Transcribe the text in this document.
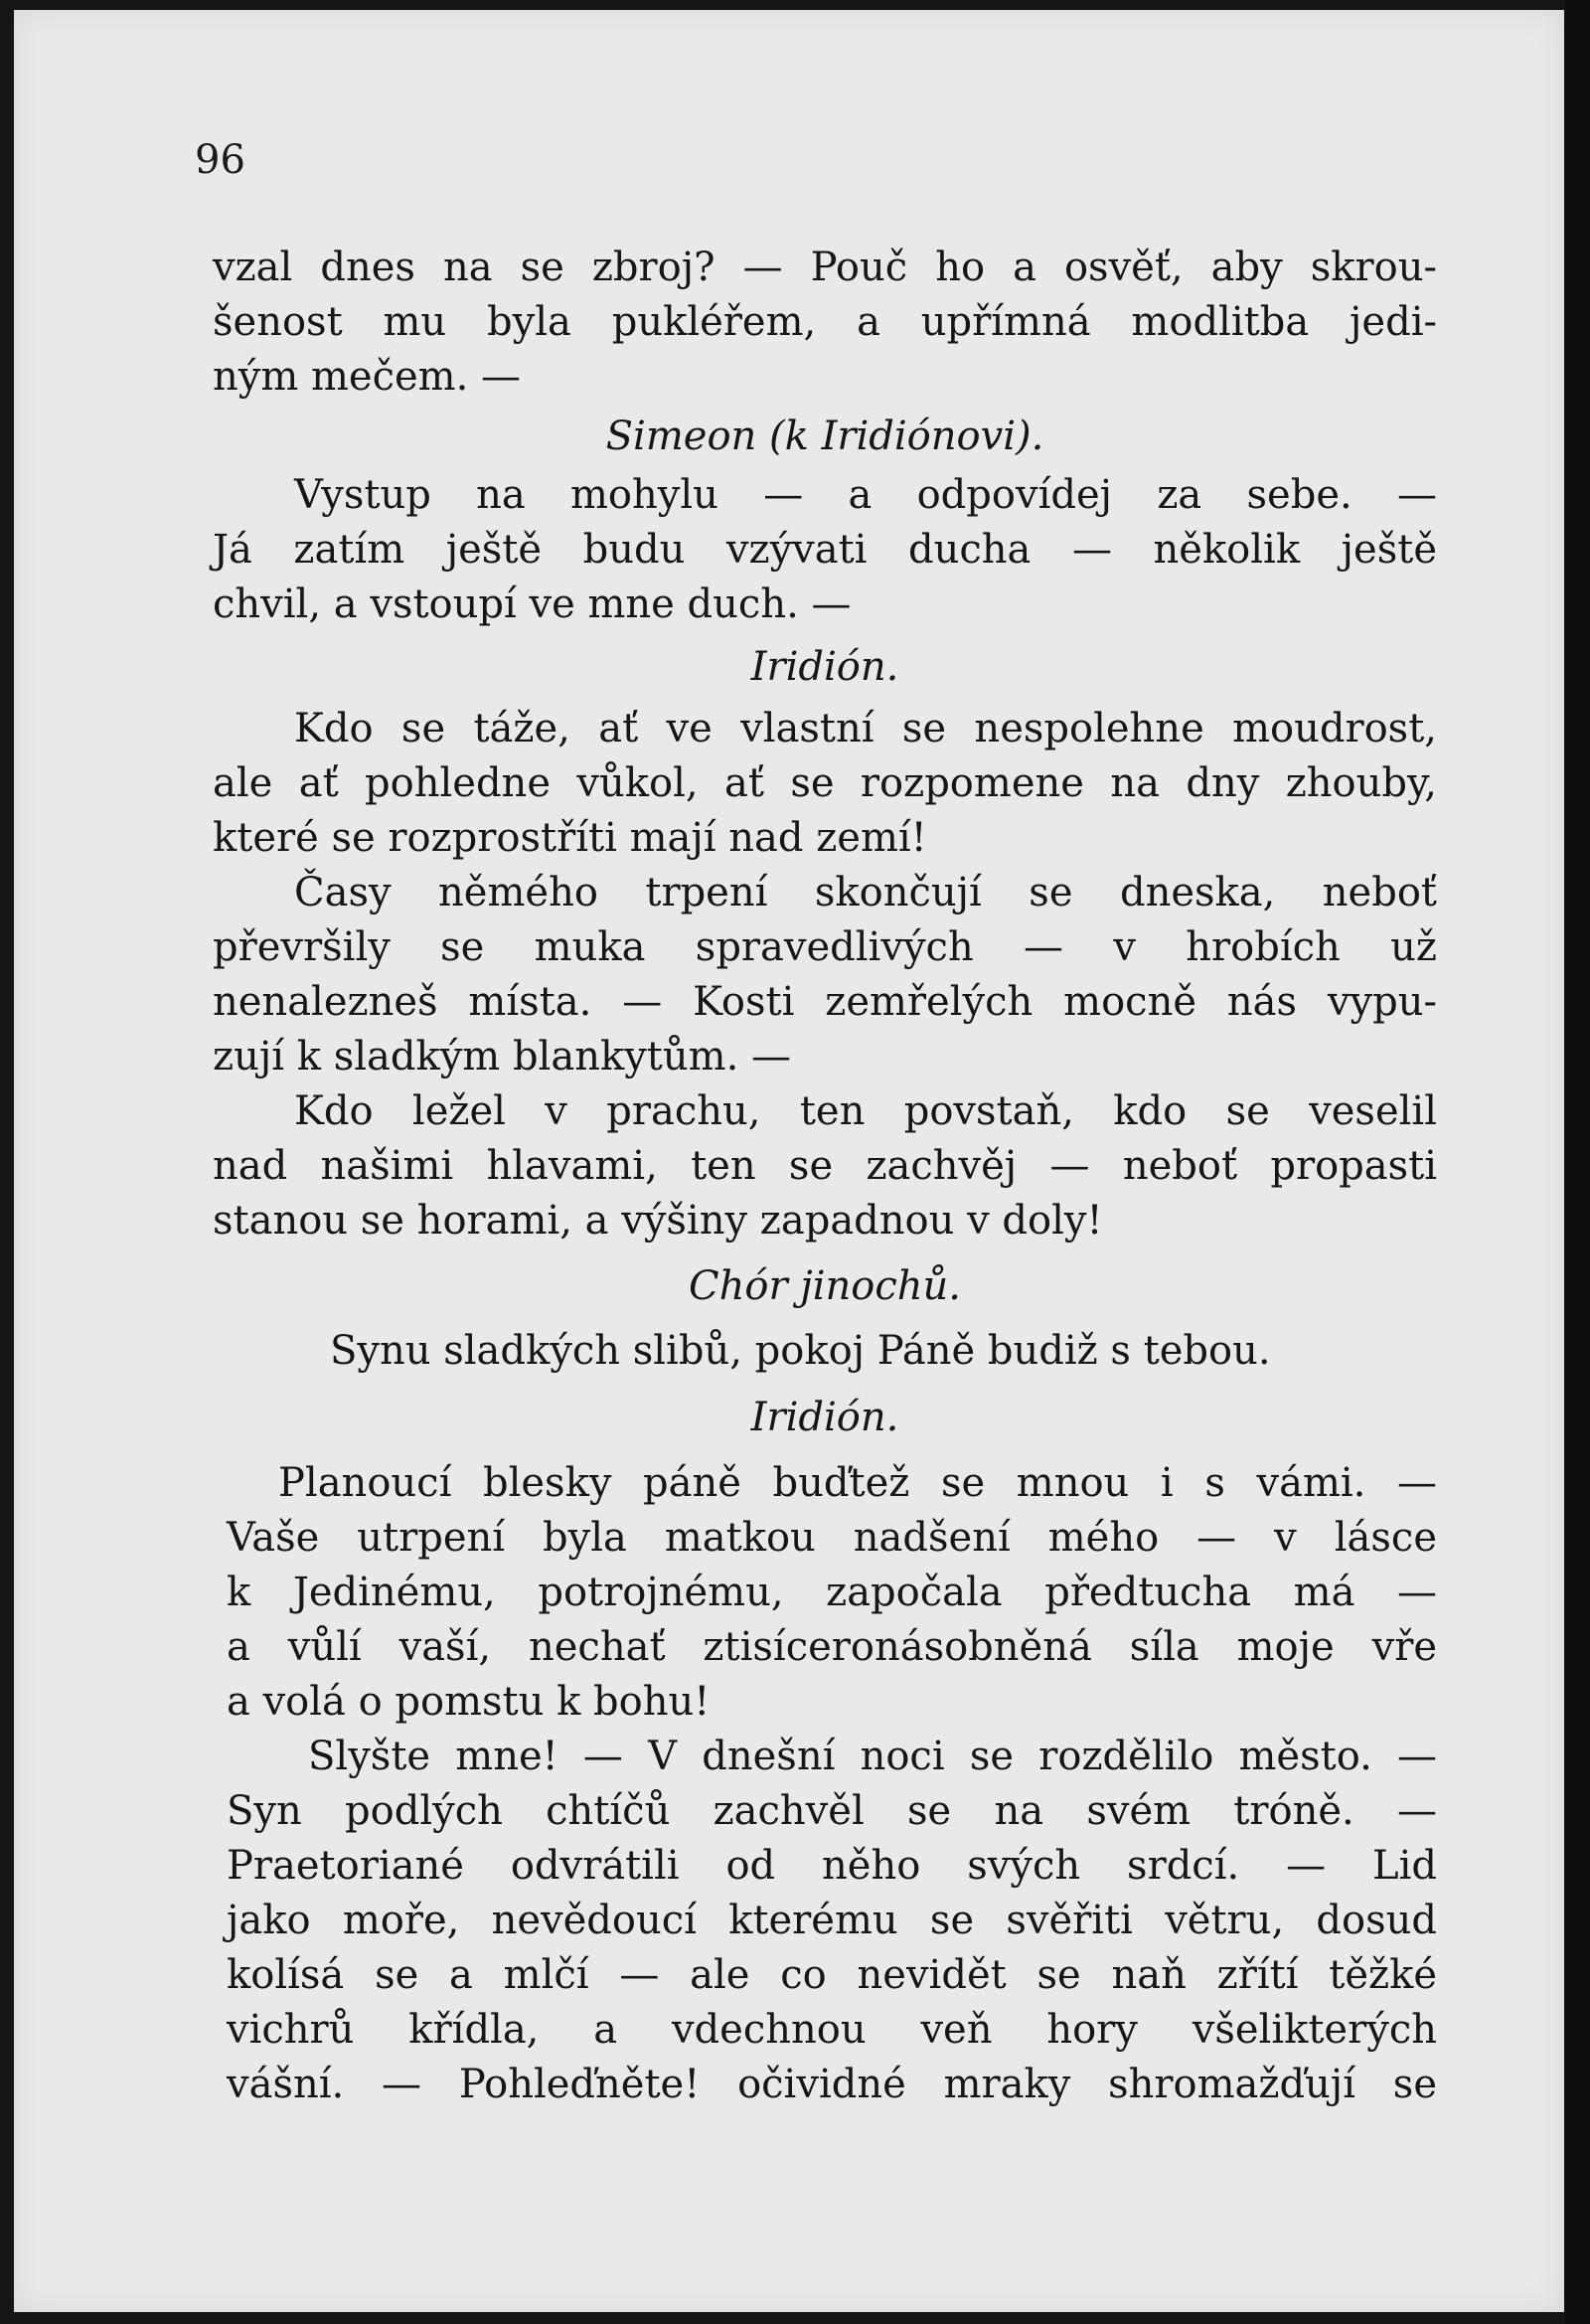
96
vzal dnes na se zbroj? — Pouč ho a osvěť, aby skrou-
šenost mu byla pukléřem, a upřímná modlitba jedi-
ným mečem. —
Simeon (k Iridiónovi).
Vystup na mohylu — a odpovídej za sebe. —
Já zatím ještě budu vzývati ducha — několik ještě
chvil, a vstoupí ve mne duch. —
Iridión.
Kdo se táže, ať ve vlastní se nespolehne moudrost,
ale ať pohledne vůkol, ať se rozpomene na dny zhouby,
které se rozprostříti mají nad zemí!
Časy němého trpení skončují se dneska, neboť
převršily se muka spravedlivých — v hrobích už
nenalezneš místa. — Kosti zemřelých mocně nás vypu-
zují k sladkým blankytům. —
Kdo ležel v prachu, ten povstaň, kdo se veselil
nad našimi hlavami, ten se zachvěj — neboť propasti
stanou se horami, a výšiny zapadnou v doly!
Chór jinochů.
Synu sladkých slibů, pokoj Páně budiž s tebou.
Iridión.
Planoucí blesky páně buďtež se mnou i s vámi. —
Vaše utrpení byla matkou nadšení mého — v lásce
k Jedinému, potrojnému, započala předtucha má —
a vůlí vaší, nechať ztisíceronásobněná síla moje vře
a volá o pomstu k bohu!
Slyšte mne! — V dnešní noci se rozdělilo město. —
Syn podlých chtíčů zachvěl se na svém tróně. —
Praetoriané odvrátili od něho svých srdcí. — Lid
jako moře, nevědoucí kterému se svěřiti větru, dosud
kolísá se a mlčí — ale co nevidět se naň zřítí těžké
vichrů křídla, a vdechnou veň hory všelikterých
vášní. — Pohleďněte! očividné mraky shromažďují se
